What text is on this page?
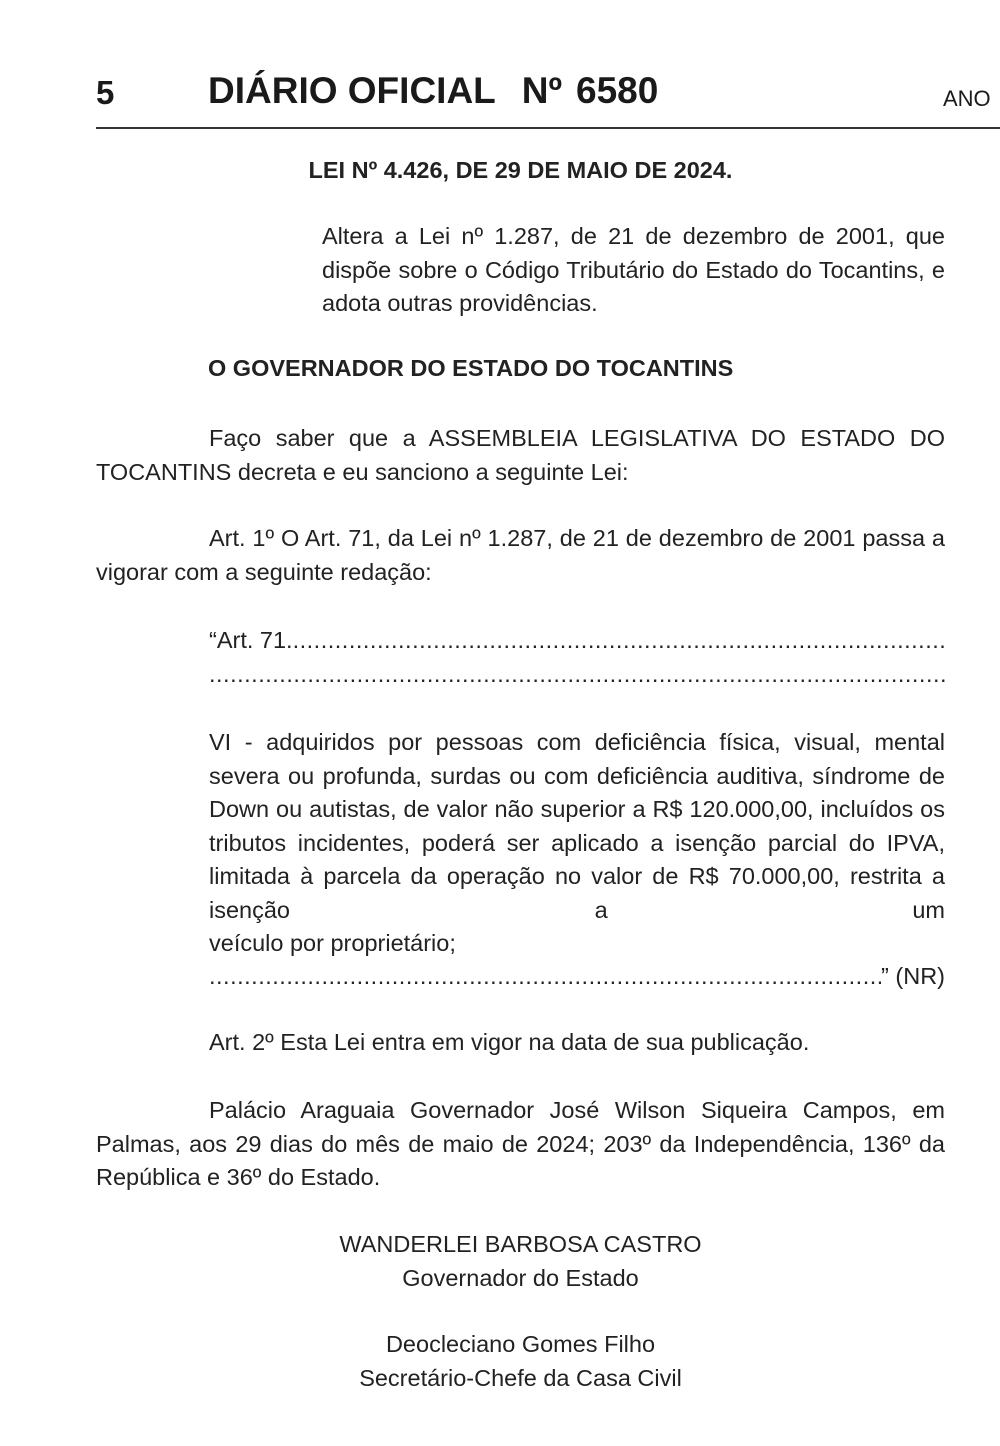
5	DIÁRIO OFICIAL Nº 6580	ANO
LEI Nº 4.426, DE 29 DE MAIO DE 2024.
Altera a Lei nº 1.287, de 21 de dezembro de 2001, que dispõe sobre o Código Tributário do Estado do Tocantins, e adota outras providências.
O GOVERNADOR DO ESTADO DO TOCANTINS
Faço saber que a ASSEMBLEIA LEGISLATIVA DO ESTADO DO TOCANTINS decreta e eu sanciono a seguinte Lei:
Art. 1º O Art. 71, da Lei nº 1.287, de 21 de dezembro de 2001 passa a vigorar com a seguinte redação:
“Art. 71.
.....
.....
VI - adquiridos por pessoas com deficiência física, visual, mental severa ou profunda, surdas ou com deficiência auditiva, síndrome de Down ou autistas, de valor não superior a R$ 120.000,00, incluídos os tributos incidentes, poderá ser aplicado a isenção parcial do IPVA, limitada à parcela da operação no valor de R$ 70.000,00, restrita a isenção a um
veículo por proprietário;
.....
” (NR)
Art. 2º Esta Lei entra em vigor na data de sua publicação.
Palácio Araguaia Governador José Wilson Siqueira Campos, em Palmas, aos 29 dias do mês de maio de 2024; 203º da Independência, 136º da República e 36º do Estado.
WANDERLEI BARBOSA CASTRO
Governador do Estado
Deocleciano Gomes Filho
Secretário-Chefe da Casa Civil
